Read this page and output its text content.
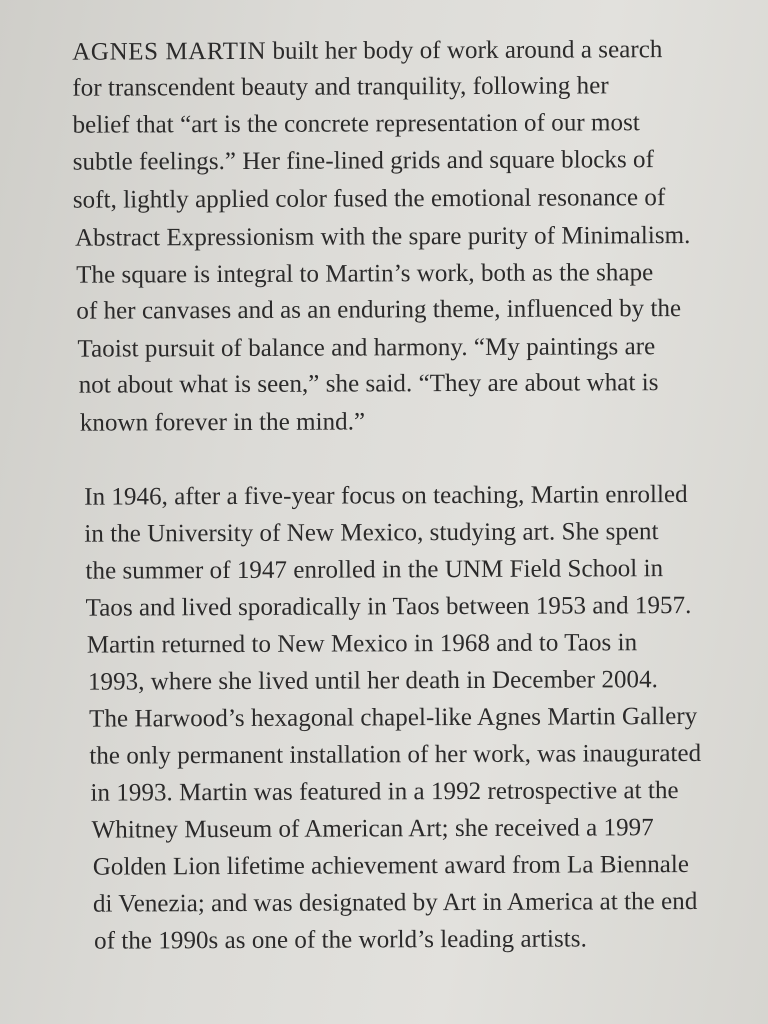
AGNES MARTIN built her body of work around a search
for transcendent beauty and tranquility, following her
belief that “art is the concrete representation of our most
subtle feelings.” Her fine-lined grids and square blocks of
soft, lightly applied color fused the emotional resonance of
Abstract Expressionism with the spare purity of Minimalism.
The square is integral to Martin’s work, both as the shape
of her canvases and as an enduring theme, influenced by the
Taoist pursuit of balance and harmony. “My paintings are
not about what is seen,” she said. “They are about what is
known forever in the mind.”
In 1946, after a five-year focus on teaching, Martin enrolled
in the University of New Mexico, studying art. She spent
the summer of 1947 enrolled in the UNM Field School in
Taos and lived sporadically in Taos between 1953 and 1957.
Martin returned to New Mexico in 1968 and to Taos in
1993, where she lived until her death in December 2004.
The Harwood’s hexagonal chapel-like Agnes Martin Gallery
the only permanent installation of her work, was inaugurated
in 1993. Martin was featured in a 1992 retrospective at the
Whitney Museum of American Art; she received a 1997
Golden Lion lifetime achievement award from La Biennale
di Venezia; and was designated by Art in America at the end
of the 1990s as one of the world’s leading artists.
